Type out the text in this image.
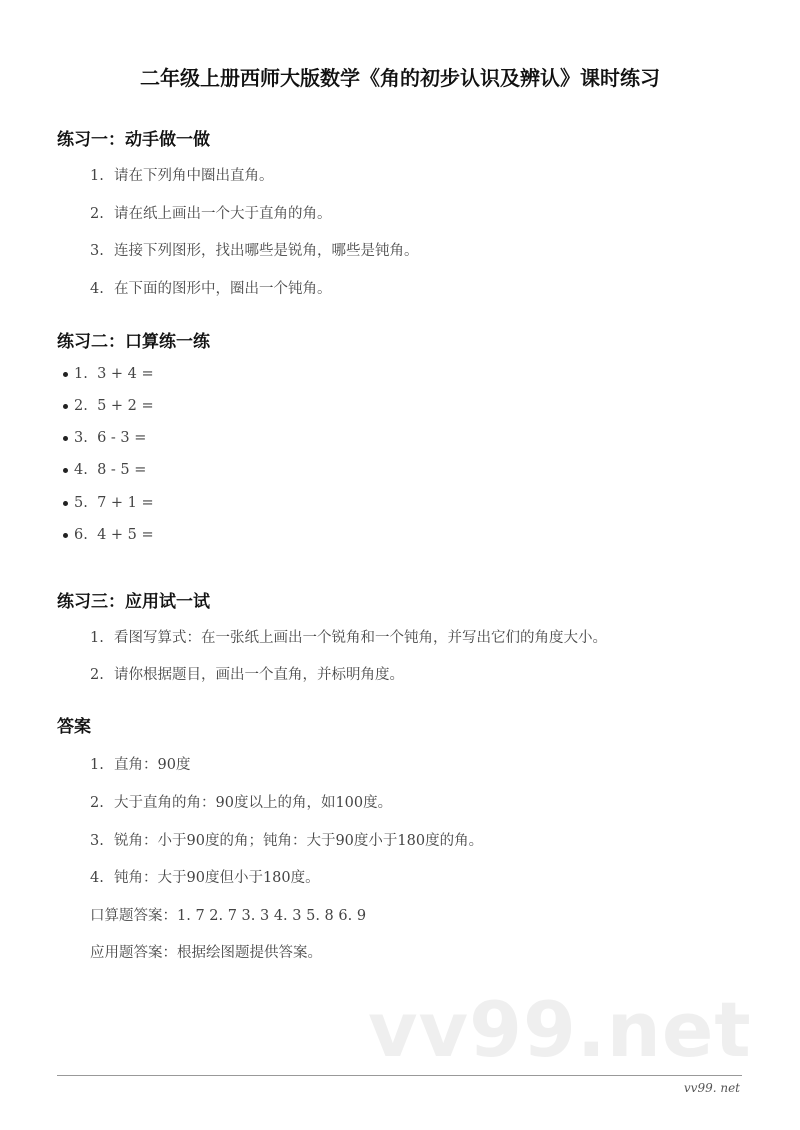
二年级上册西师大版数学《角的初步认识及辨认》课时练习
练习一：动手做一做
1. 请在下列角中圈出直角。
2. 请在纸上画出一个大于直角的角。
3. 连接下列图形，找出哪些是锐角，哪些是钝角。
4. 在下面的图形中，圈出一个钝角。
练习二：口算练一练
1. 3 + 4 =
2. 5 + 2 =
3. 6 - 3 =
4. 8 - 5 =
5. 7 + 1 =
6. 4 + 5 =
练习三：应用试一试
1. 看图写算式：在一张纸上画出一个锐角和一个钝角，并写出它们的角度大小。
2. 请你根据题目，画出一个直角，并标明角度。
答案
1. 直角：90度
2. 大于直角的角：90度以上的角，如100度。
3. 锐角：小于90度的角；钝角：大于90度小于180度的角。
4. 钝角：大于90度但小于180度。
口算题答案：1. 7 2. 7 3. 3 4. 3 5. 8 6. 9
应用题答案：根据绘图题提供答案。
vv99.net
vv99. net
